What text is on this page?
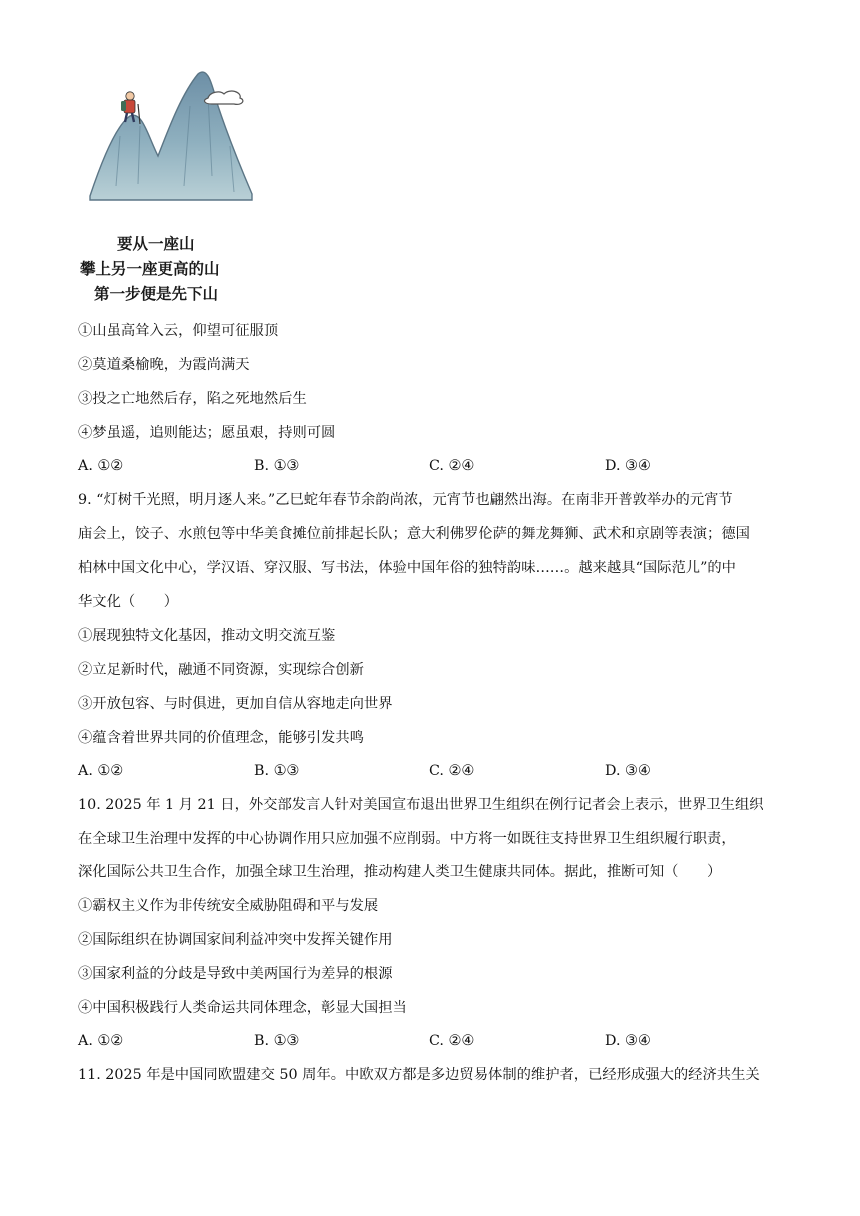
要从一座山
攀上另一座更高的山
第一步便是先下山
①山虽高耸入云，仰望可征服顶
②莫道桑榆晚，为霞尚满天
③投之亡地然后存，陷之死地然后生
④梦虽遥，追则能达；愿虽艰，持则可圆
A. ①②	B. ①③	C. ②④	D. ③④
9. “灯树千光照，明月逐人来。”乙巳蛇年春节余韵尚浓，元宵节也翩然出海。在南非开普敦举办的元宵节
庙会上，饺子、水煎包等中华美食摊位前排起长队；意大利佛罗伦萨的舞龙舞狮、武术和京剧等表演；德国
柏林中国文化中心，学汉语、穿汉服、写书法，体验中国年俗的独特韵味……。越来越具“国际范儿”的中
华文化（　　）
①展现独特文化基因，推动文明交流互鉴
②立足新时代，融通不同资源，实现综合创新
③开放包容、与时俱进，更加自信从容地走向世界
④蕴含着世界共同的价值理念，能够引发共鸣
A. ①②	B. ①③	C. ②④	D. ③④
10. 2025 年 1 月 21 日，外交部发言人针对美国宣布退出世界卫生组织在例行记者会上表示，世界卫生组织
在全球卫生治理中发挥的中心协调作用只应加强不应削弱。中方将一如既往支持世界卫生组织履行职责，
深化国际公共卫生合作，加强全球卫生治理，推动构建人类卫生健康共同体。据此，推断可知（　　）
①霸权主义作为非传统安全威胁阻碍和平与发展
②国际组织在协调国家间利益冲突中发挥关键作用
③国家利益的分歧是导致中美两国行为差异的根源
④中国积极践行人类命运共同体理念，彰显大国担当
A. ①②	B. ①③	C. ②④	D. ③④
11. 2025 年是中国同欧盟建交 50 周年。中欧双方都是多边贸易体制的维护者，已经形成强大的经济共生关
